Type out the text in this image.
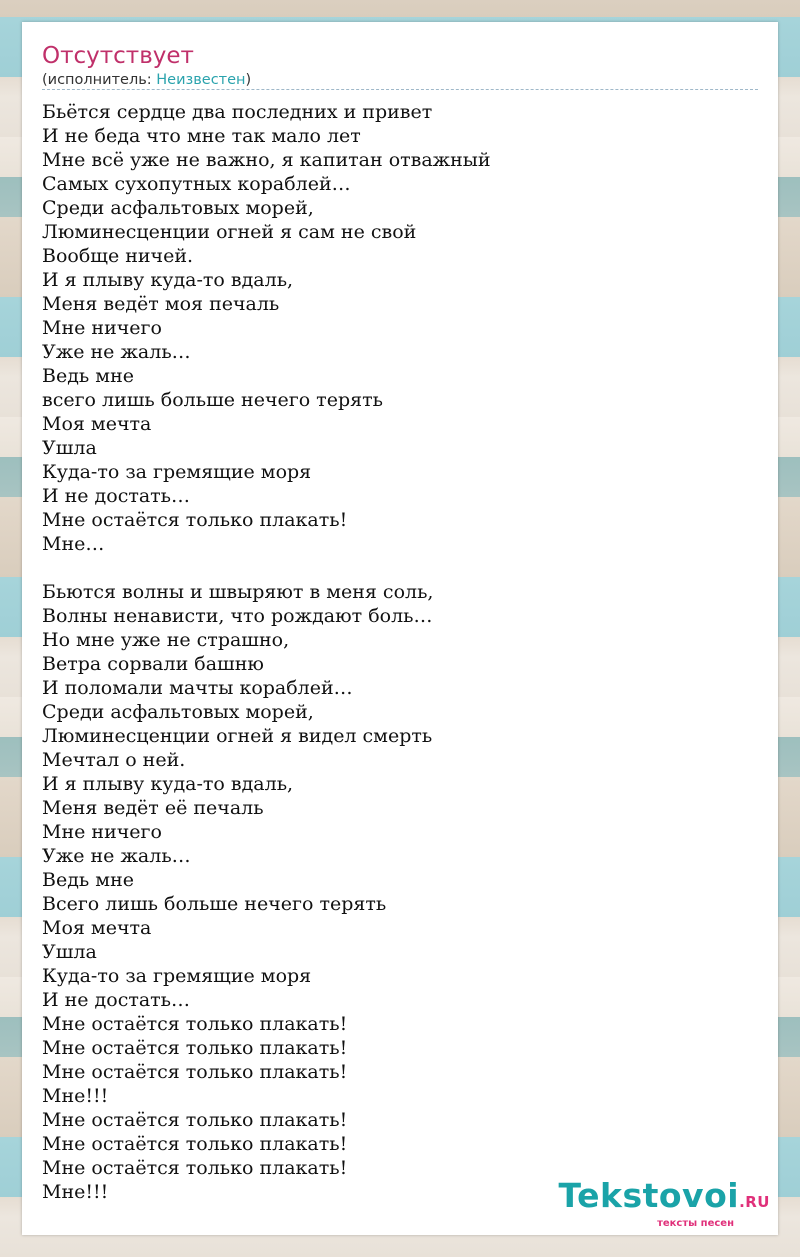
Отсутствует
(исполнитель: Неизвестен)
Бьётся сердце два последних и привет
И не беда что мне так мало лет
Мне всё уже не важно, я капитан отважный
Самых сухопутных кораблей…
Среди асфальтовых морей,
Люминесценции огней я сам не свой
Вообще ничей.
И я плыву куда-то вдаль,
Меня ведёт моя печаль
Мне ничего
Уже не жаль…
Ведь мне
всего лишь больше нечего терять
Моя мечта
Ушла
Куда-то за гремящие моря
И не достать…
Мне остаётся только плакать!
Мне…
Бьются волны и швыряют в меня соль,
Волны ненависти, что рождают боль…
Но мне уже не страшно,
Ветра сорвали башню
И поломали мачты кораблей…
Среди асфальтовых морей,
Люминесценции огней я видел смерть
Мечтал о ней.
И я плыву куда-то вдаль,
Меня ведёт её печаль
Мне ничего
Уже не жаль…
Ведь мне
Всего лишь больше нечего терять
Моя мечта
Ушла
Куда-то за гремящие моря
И не достать…
Мне остаётся только плакать!
Мне остаётся только плакать!
Мне остаётся только плакать!
Мне!!!
Мне остаётся только плакать!
Мне остаётся только плакать!
Мне остаётся только плакать!
Мне!!!	Tekstovoi.RU
тексты песен
